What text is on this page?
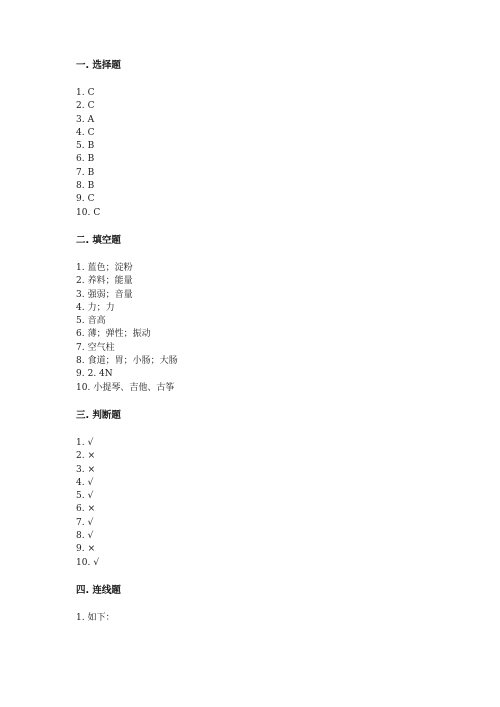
一. 选择题
1. C
2. C
3. A
4. C
5. B
6. B
7. B
8. B
9. C
10. C
二. 填空题
1. 蓝色；淀粉
2. 养料；能量
3. 强弱；音量
4. 力；力
5. 音高
6. 薄；弹性；振动
7. 空气柱
8. 食道；胃；小肠；大肠
9. 2. 4N
10. 小提琴、吉他、古筝
三. 判断题
1. √
2. ×
3. ×
4. √
5. √
6. ×
7. √
8. √
9. ×
10. √
四. 连线题
1. 如下：
